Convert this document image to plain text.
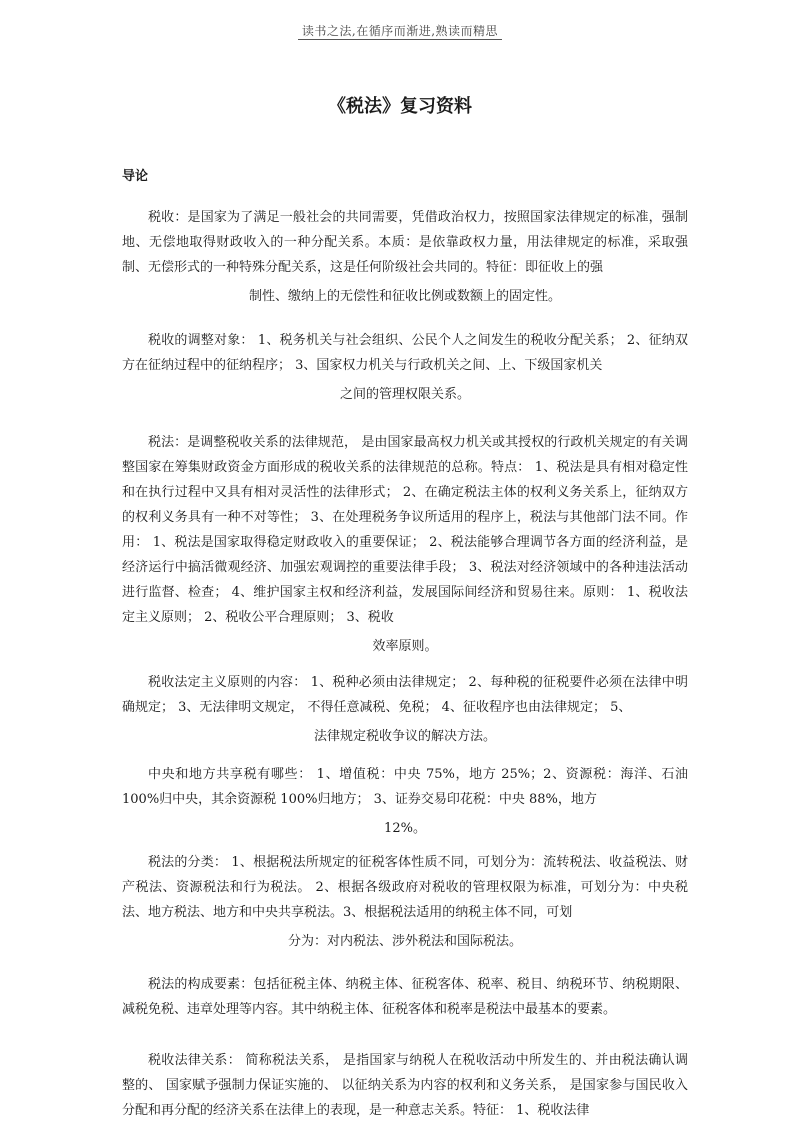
读书之法,在循序而渐进,熟读而精思
《税法》复习资料
导论
税收：是国家为了满足一般社会的共同需要，凭借政治权力，按照国家法律规定的标准，强制地、无偿地取得财政收入的一种分配关系。本质：是依靠政权力量，用法律规定的标准，采取强制、无偿形式的一种特殊分配关系，这是任何阶级社会共同的。特征：即征收上的强
制性、缴纳上的无偿性和征收比例或数额上的固定性。
税收的调整对象： 1、税务机关与社会组织、公民个人之间发生的税收分配关系； 2、征纳双方在征纳过程中的征纳程序； 3、国家权力机关与行政机关之间、上、下级国家机关
之间的管理权限关系。
税法：是调整税收关系的法律规范， 是由国家最高权力机关或其授权的行政机关规定的有关调整国家在筹集财政资金方面形成的税收关系的法律规范的总称。特点： 1、税法是具有相对稳定性和在执行过程中又具有相对灵活性的法律形式； 2、在确定税法主体的权利义务关系上，征纳双方的权利义务具有一种不对等性； 3、在处理税务争议所适用的程序上，税法与其他部门法不同。作用： 1、税法是国家取得稳定财政收入的重要保证； 2、税法能够合理调节各方面的经济利益，是经济运行中搞活微观经济、加强宏观调控的重要法律手段； 3、税法对经济领域中的各种违法活动进行监督、检查； 4、维护国家主权和经济利益，发展国际间经济和贸易往来。原则： 1、税收法定主义原则； 2、税收公平合理原则； 3、税收
效率原则。
税收法定主义原则的内容： 1、税种必须由法律规定； 2、每种税的征税要件必须在法律中明确规定； 3、无法律明文规定， 不得任意减税、免税； 4、征收程序也由法律规定； 5、
法律规定税收争议的解决方法。
中央和地方共享税有哪些： 1、增值税：中央 75%，地方 25%；2、资源税：海洋、石油 100%归中央，其余资源税 100%归地方； 3、证券交易印花税：中央 88%，地方
12%。
税法的分类： 1、根据税法所规定的征税客体性质不同，可划分为：流转税法、收益税法、财产税法、资源税法和行为税法。 2、根据各级政府对税收的管理权限为标准，可划分为：中央税法、地方税法、地方和中央共享税法。3、根据税法适用的纳税主体不同，可划
分为：对内税法、涉外税法和国际税法。
税法的构成要素：包括征税主体、纳税主体、征税客体、税率、税目、纳税环节、纳税期限、减税免税、违章处理等内容。其中纳税主体、征税客体和税率是税法中最基本的要素。
税收法律关系： 简称税法关系， 是指国家与纳税人在税收活动中所发生的、并由税法确认调整的、 国家赋予强制力保证实施的、 以征纳关系为内容的权利和义务关系， 是国家参与国民收入分配和再分配的经济关系在法律上的表现，是一种意志关系。特征： 1、税收法律
